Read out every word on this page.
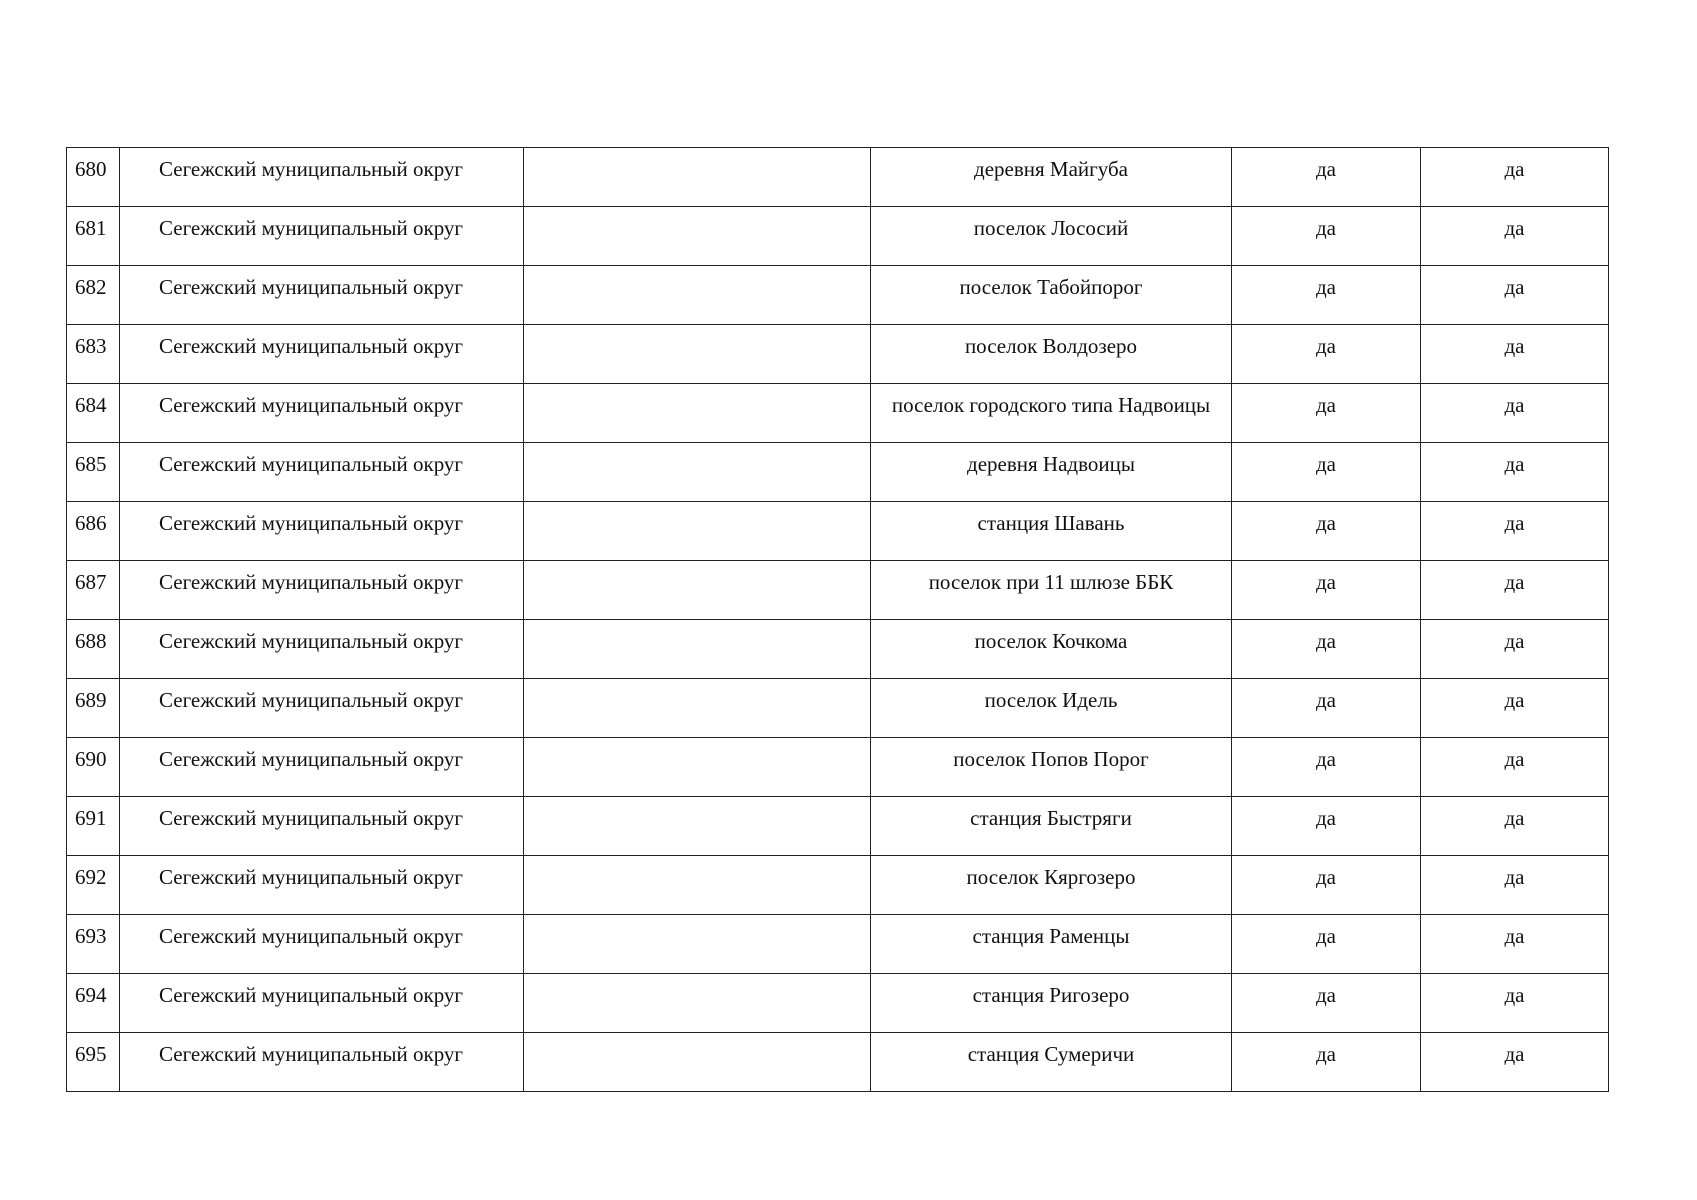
680	Сегежский муниципальный округ		деревня Майгуба	да	да

681	Сегежский муниципальный округ		поселок Лососий	да	да

682	Сегежский муниципальный округ		поселок Табойпорог	да	да

683	Сегежский муниципальный округ		поселок Волдозеро	да	да

684	Сегежский муниципальный округ		поселок городского типа Надвоицы	да	да

685	Сегежский муниципальный округ		деревня Надвоицы	да	да

686	Сегежский муниципальный округ		станция Шавань	да	да

687	Сегежский муниципальный округ		поселок при 11 шлюзе ББК	да	да

688	Сегежский муниципальный округ		поселок Кочкома	да	да

689	Сегежский муниципальный округ		поселок Идель	да	да

690	Сегежский муниципальный округ		поселок Попов Порог	да	да

691	Сегежский муниципальный округ		станция Быстряги	да	да

692	Сегежский муниципальный округ		поселок Кяргозеро	да	да

693	Сегежский муниципальный округ		станция Раменцы	да	да

694	Сегежский муниципальный округ		станция Ригозеро	да	да

695	Сегежский муниципальный округ		станция Сумеричи	да	да
